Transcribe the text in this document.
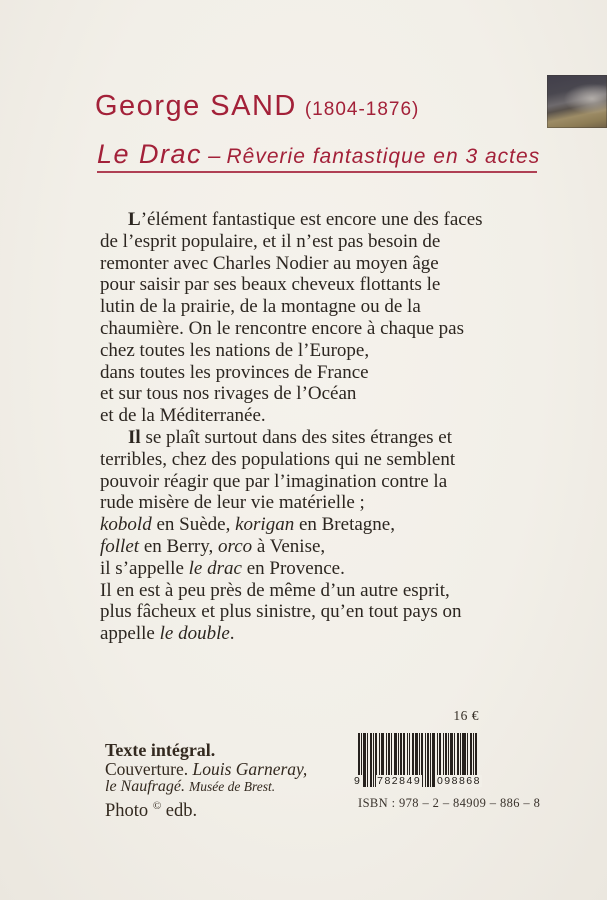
George SAND (1804-1876)
Le Drac – Rêverie fantastique en 3 actes
L’élément fantastique est encore une des faces
de l’esprit populaire, et il n’est pas besoin de
remonter avec Charles Nodier au moyen âge
pour saisir par ses beaux cheveux flottants le
lutin de la prairie, de la montagne ou de la
chaumière. On le rencontre encore à chaque pas
chez toutes les nations de l’Europe,
dans toutes les provinces de France
et sur tous nos rivages de l’Océan
et de la Méditerranée.
Il se plaît surtout dans des sites étranges et
terribles, chez des populations qui ne semblent
pouvoir réagir que par l’imagination contre la
rude misère de leur vie matérielle ;
kobold en Suède, korigan en Bretagne,
follet en Berry, orco à Venise,
il s’appelle le drac en Provence.
Il en est à peu près de même d’un autre esprit,
plus fâcheux et plus sinistre, qu’en tout pays on
appelle le double.
Texte intégral.
Couverture. Louis Garneray,
le Naufragé. Musée de Brest.
Photo © edb.
16 €
9 782849 098868
ISBN : 978 – 2 – 84909 – 886 – 8
